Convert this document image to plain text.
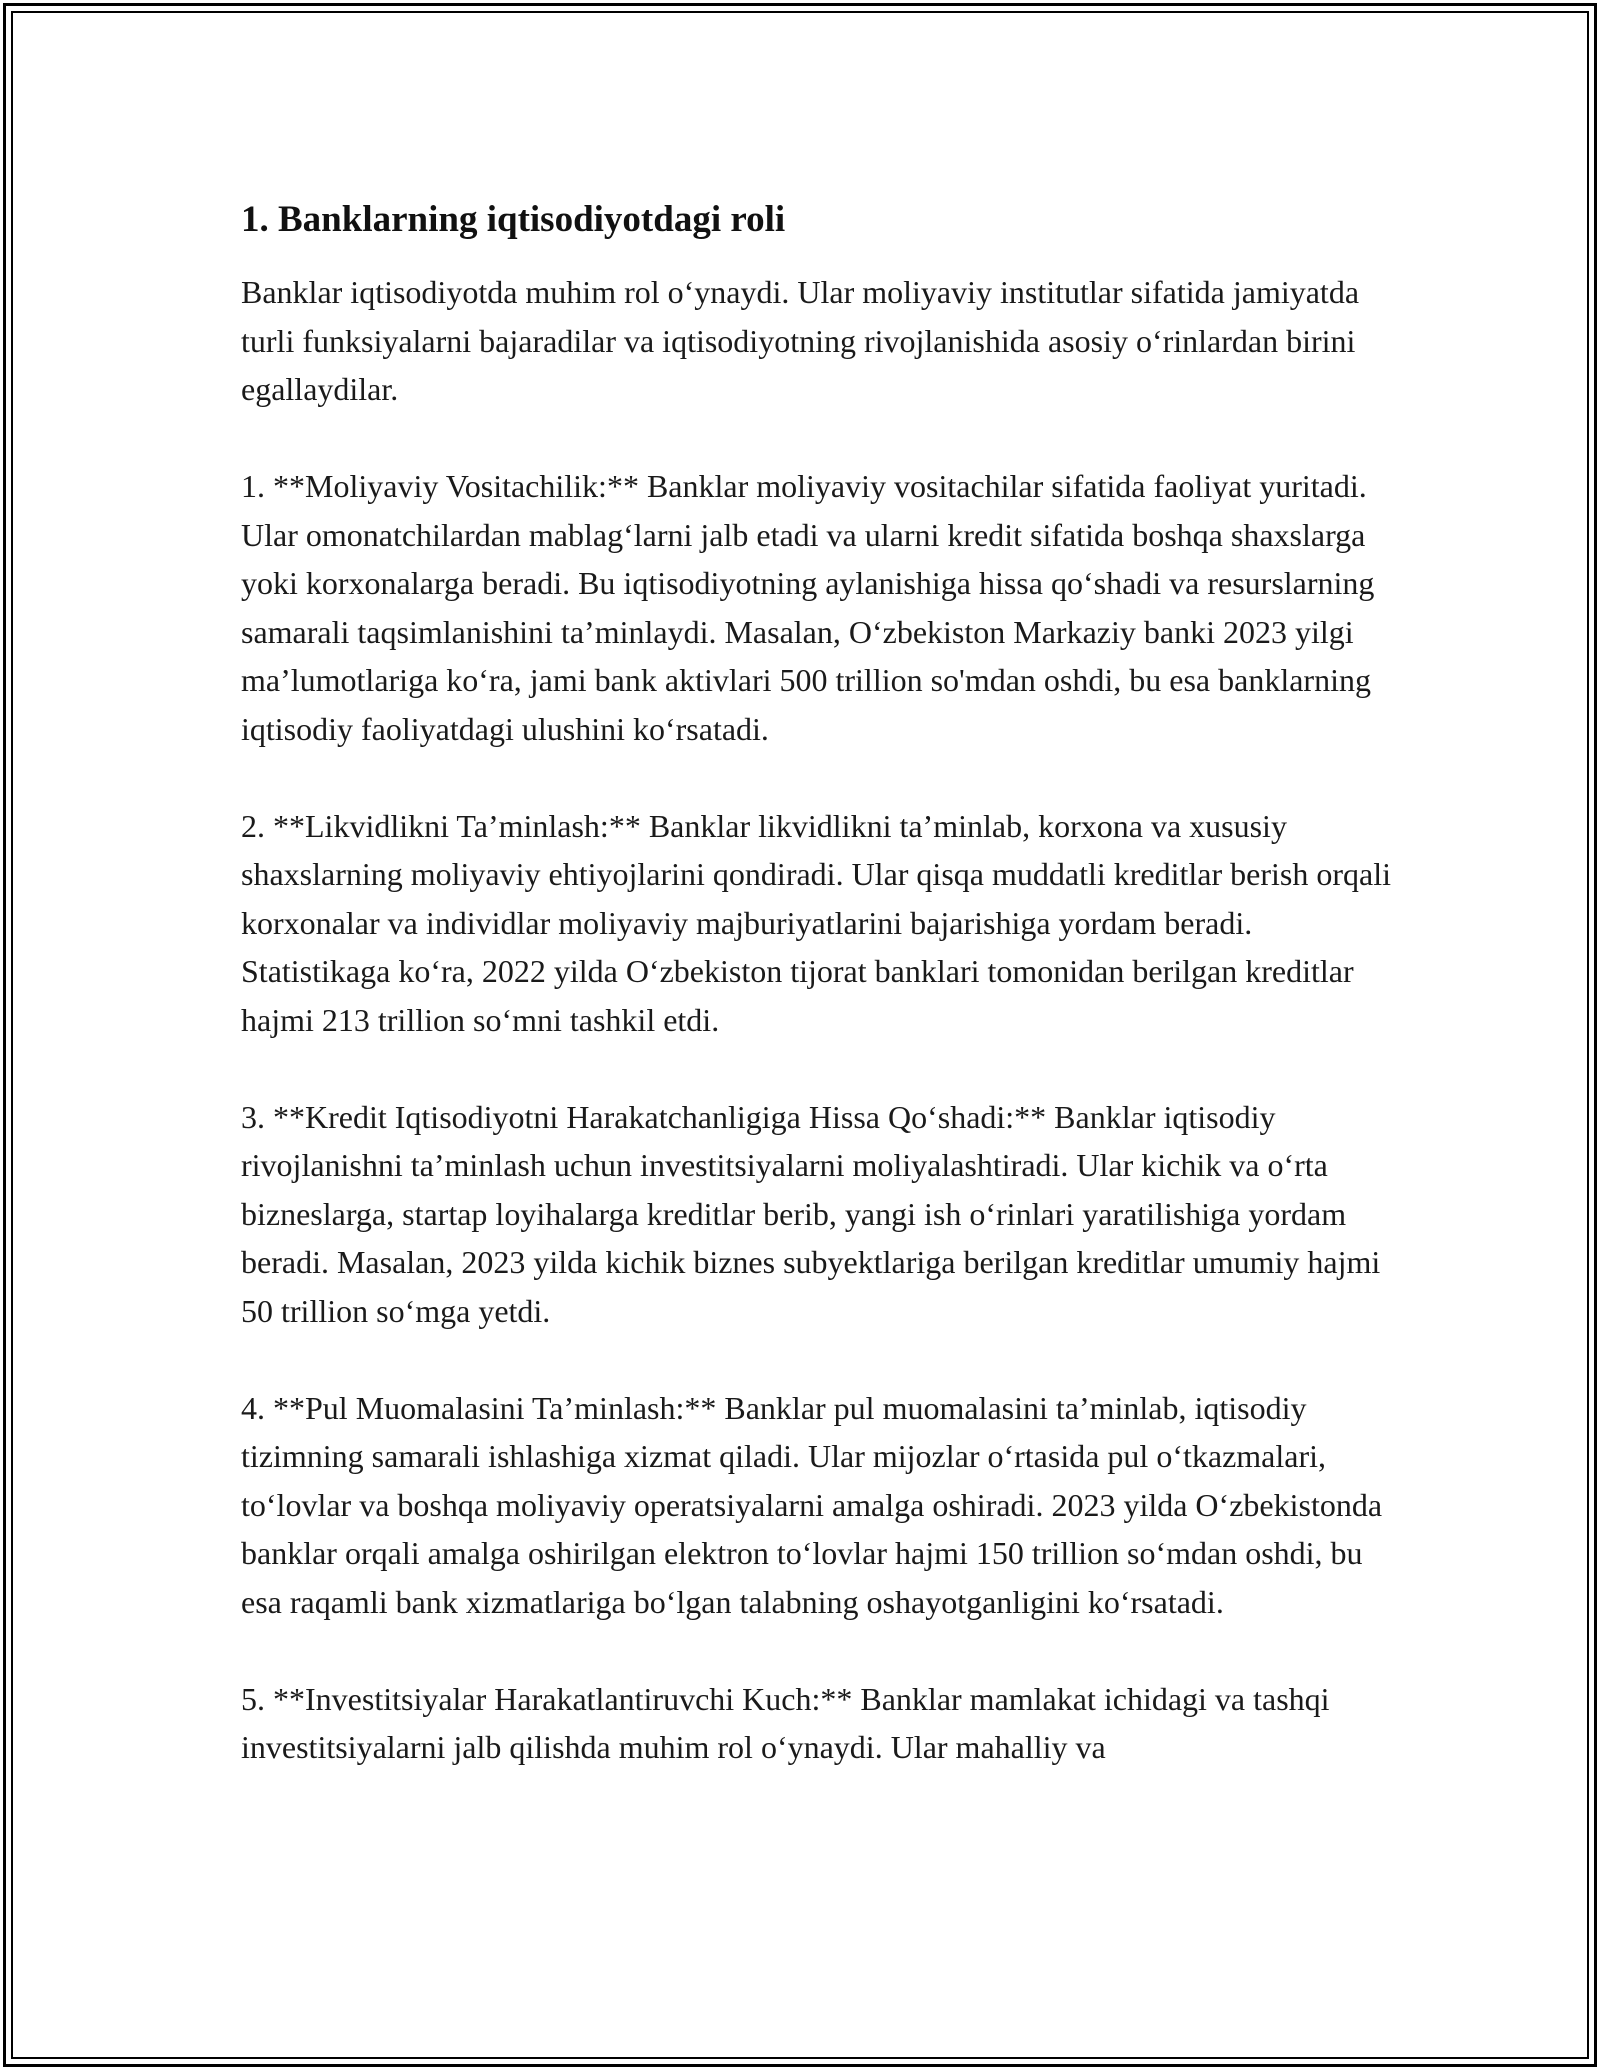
1. Banklarning iqtisodiyotdagi roli

Banklar iqtisodiyotda muhim rol o‘ynaydi. Ular moliyaviy institutlar sifatida jamiyatda turli funksiyalarni bajaradilar va iqtisodiyotning rivojlanishida asosiy o‘rinlardan birini egallaydilar.

1. **Moliyaviy Vositachilik:** Banklar moliyaviy vositachilar sifatida faoliyat yuritadi. Ular omonatchilardan mablag‘larni jalb etadi va ularni kredit sifatida boshqa shaxslarga yoki korxonalarga beradi. Bu iqtisodiyotning aylanishiga hissa qo‘shadi va resurslarning samarali taqsimlanishini ta’minlaydi. Masalan, O‘zbekiston Markaziy banki 2023 yilgi ma’lumotlariga ko‘ra, jami bank aktivlari 500 trillion so'mdan oshdi, bu esa banklarning iqtisodiy faoliyatdagi ulushini ko‘rsatadi.

2. **Likvidlikni Ta’minlash:** Banklar likvidlikni ta’minlab, korxona va xususiy shaxslarning moliyaviy ehtiyojlarini qondiradi. Ular qisqa muddatli kreditlar berish orqali korxonalar va individlar moliyaviy majburiyatlarini bajarishiga yordam beradi. Statistikaga ko‘ra, 2022 yilda O‘zbekiston tijorat banklari tomonidan berilgan kreditlar hajmi 213 trillion so‘mni tashkil etdi.

3. **Kredit Iqtisodiyotni Harakatchanligiga Hissa Qo‘shadi:** Banklar iqtisodiy rivojlanishni ta’minlash uchun investitsiyalarni moliyalashtiradi. Ular kichik va o‘rta bizneslarga, startap loyihalarga kreditlar berib, yangi ish o‘rinlari yaratilishiga yordam beradi. Masalan, 2023 yilda kichik biznes subyektlariga berilgan kreditlar umumiy hajmi 50 trillion so‘mga yetdi.

4. **Pul Muomalasini Ta’minlash:** Banklar pul muomalasini ta’minlab, iqtisodiy tizimning samarali ishlashiga xizmat qiladi. Ular mijozlar o‘rtasida pul o‘tkazmalari, to‘lovlar va boshqa moliyaviy operatsiyalarni amalga oshiradi. 2023 yilda O‘zbekistonda banklar orqali amalga oshirilgan elektron to‘lovlar hajmi 150 trillion so‘mdan oshdi, bu esa raqamli bank xizmatlariga bo‘lgan talabning oshayotganligini ko‘rsatadi.

5. **Investitsiyalar Harakatlantiruvchi Kuch:** Banklar mamlakat ichidagi va tashqi investitsiyalarni jalb qilishda muhim rol o‘ynaydi. Ular mahalliy va
